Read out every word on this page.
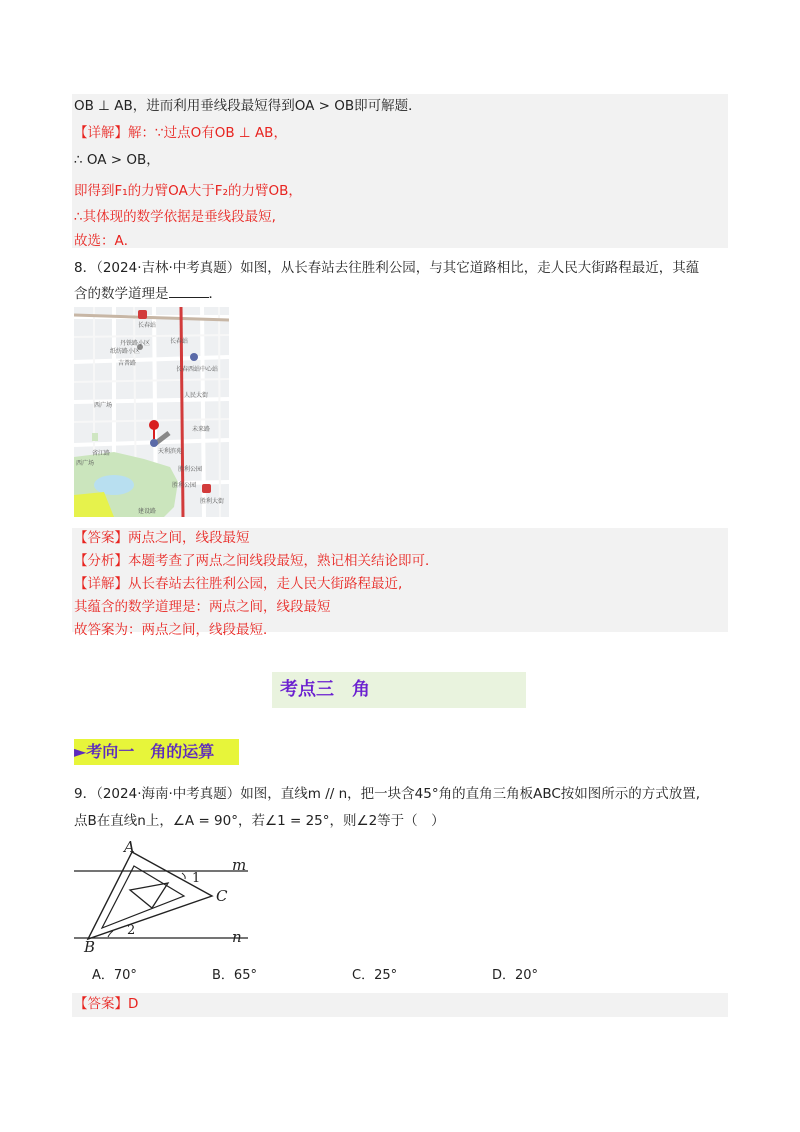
OB ⊥ AB，进而利用垂线段最短得到OA > OB即可解题．
【详解】解：∵过点O有OB ⊥ AB，
∴ OA > OB，
即得到F₁的力臂OA大于F₂的力臂OB，
∴其体现的数学依据是垂线段最短,
故选：A．
8．（2024·吉林·中考真题）如图，从长春站去往胜利公园，与其它道路相比，走人民大街路程最近，其蕴
含的数学道理是	．
长春站
长春站
丹铁路小区
纸纺路小区
吉普路
西广场
长春西站中心站
人民大街
未来路
省江路	天利滨苑
胜利公园
西广场
胜利公园
胜利大街
建设路
【答案】两点之间，线段最短
【分析】本题考查了两点之间线段最短，熟记相关结论即可．
【详解】从长春站去往胜利公园，走人民大街路程最近,
其蕴含的数学道理是：两点之间，线段最短
故答案为：两点之间，线段最短．
考点三　角
►考向一　角的运算
9．（2024·海南·中考真题）如图，直线m // n，把一块含45°角的直角三角板ABC按如图所示的方式放置,
点B在直线n上，∠A = 90°，若∠1 = 25°，则∠2等于（　）
A
m
1
C
B
2	n
A．70°	B．65°	C．25°	D．20°
【答案】D
